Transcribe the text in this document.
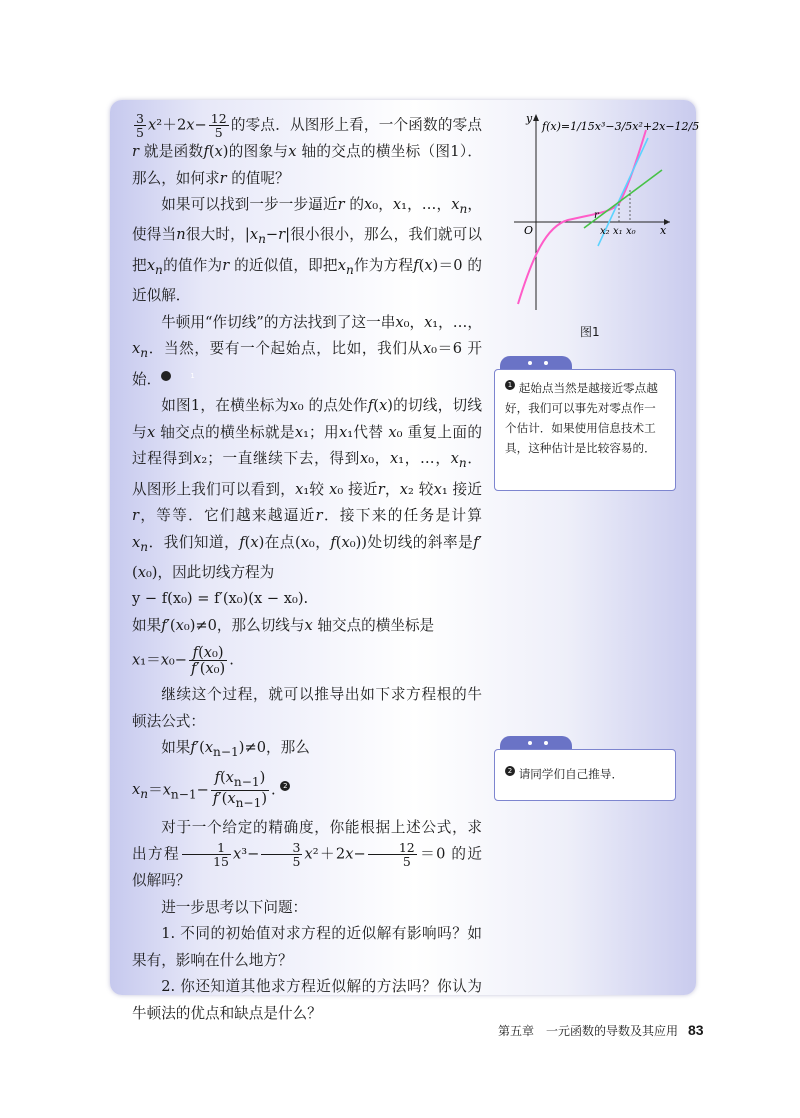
$\frac{3}{5} x^2+2x- \frac{12}{5}$ 的零点．从图形上看，一个函数的零点 r 就是函数f(x)的图象与x 轴的交点的横坐标（图1）．那么，如何求r 的值呢？

如果可以找到一步一步逼近r 的x₀，x₁，…，$x_n$，使得当n很大时，$|x_n-r|$很小很小，那么，我们就可以把$x_n$的值作为r 的近似值，即把$x_n$作为方程f(x)＝0 的近似解．

牛顿用“作切线”的方法找到了这一串x₀，x₁，…，$x_n$．当然，要有一个起始点，比如，我们从x₀＝6 开始．	1

如图1，在横坐标为x₀ 的点处作f(x)的切线，切线与x 轴交点的横坐标就是x₁；用x₁代替 x₀ 重复上面的过程得到x₂；一直继续下去，得到x₀，x₁，…，$x_n$．从图形上我们可以看到，x₁较 x₀ 接近r，x₂ 较x₁ 接近r，等等．它们越来越逼近r．接下来的任务是计算$x_n$．我们知道，f(x)在点(x₀，f(x₀))处切线的斜率是f′(x₀)，因此切线方程为

y − f(x₀) = f′(x₀)(x − x₀).

如果f′(x₀)≠0，那么切线与x 轴交点的横坐标是

$x_1=x_0- \frac{\text{f(x₀)}}{\text{f′(x₀)}}$ .

继续这个过程，就可以推导出如下求方程根的牛顿法公式：

如果$f'(x_{n-1})\ne 0$，那么

$x_n=x_{n-1}- \frac{f(x_{n-1})}{f'(x_{n-1})}$ . 2

对于一个给定的精确度，你能根据上述公式，求出方程 $\frac{1}{15} x^3- \frac{3}{5} x^2+2x- \frac{12}{5} =0$ 的近似解吗？

进一步思考以下问题：

1. 不同的初始值对求方程的近似解有影响吗？如果有，影响在什么地方？

2. 你还知道其他求方程近似解的方法吗？你认为牛顿法的优点和缺点是什么？

f(x)=1/15x³−3/5x²+2x−12/5
y
x
O
r
x₂ x₁ x₀
图1
1 起始点当然是越接近零点越好，我们可以事先对零点作一个估计．如果使用信息技术工具，这种估计是比较容易的．
2 请同学们自己推导．
第五章　一元函数的导数及其应用 83
